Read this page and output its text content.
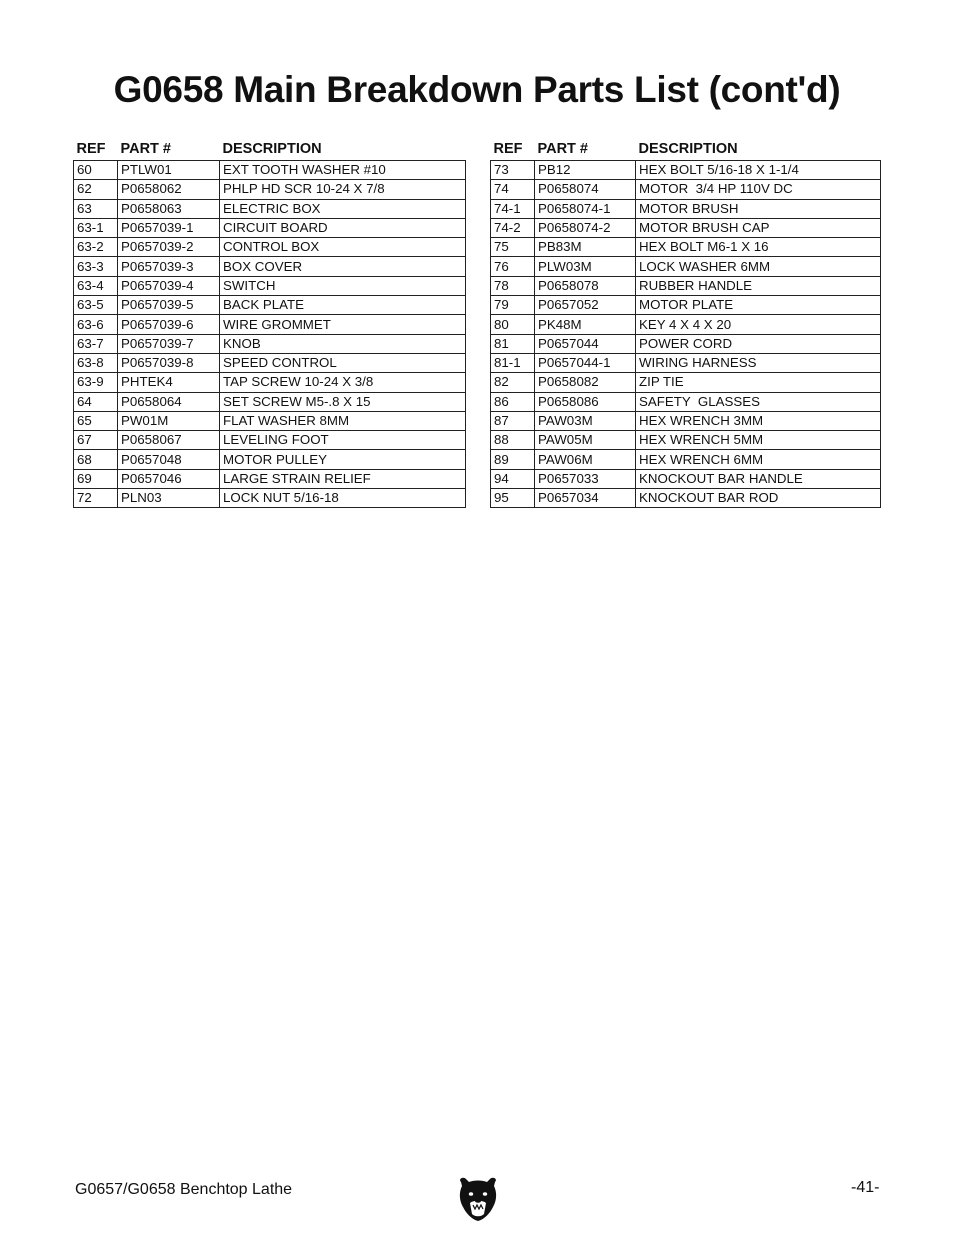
G0658 Main Breakdown Parts List (cont'd)
REF	PART #	DESCRIPTION
60	PTLW01	EXT TOOTH WASHER #10
62	P0658062	PHLP HD SCR 10-24 X 7/8
63	P0658063	ELECTRIC BOX
63-1	P0657039-1	CIRCUIT BOARD
63-2	P0657039-2	CONTROL BOX
63-3	P0657039-3	BOX COVER
63-4	P0657039-4	SWITCH
63-5	P0657039-5	BACK PLATE
63-6	P0657039-6	WIRE GROMMET
63-7	P0657039-7	KNOB
63-8	P0657039-8	SPEED CONTROL
63-9	PHTEK4	TAP SCREW 10-24 X 3/8
64	P0658064	SET SCREW M5-.8 X 15
65	PW01M	FLAT WASHER 8MM
67	P0658067	LEVELING FOOT
68	P0657048	MOTOR PULLEY
69	P0657046	LARGE STRAIN RELIEF
72	PLN03	LOCK NUT 5/16-18
REF	PART #	DESCRIPTION
73	PB12	HEX BOLT 5/16-18 X 1-1/4
74	P0658074	MOTOR  3/4 HP 110V DC
74-1	P0658074-1	MOTOR BRUSH
74-2	P0658074-2	MOTOR BRUSH CAP
75	PB83M	HEX BOLT M6-1 X 16
76	PLW03M	LOCK WASHER 6MM
78	P0658078	RUBBER HANDLE
79	P0657052	MOTOR PLATE
80	PK48M	KEY 4 X 4 X 20
81	P0657044	POWER CORD
81-1	P0657044-1	WIRING HARNESS
82	P0658082	ZIP TIE
86	P0658086	SAFETY  GLASSES
87	PAW03M	HEX WRENCH 3MM
88	PAW05M	HEX WRENCH 5MM
89	PAW06M	HEX WRENCH 6MM
94	P0657033	KNOCKOUT BAR HANDLE
95	P0657034	KNOCKOUT BAR ROD
G0657/G0658 Benchtop Lathe	-41-
